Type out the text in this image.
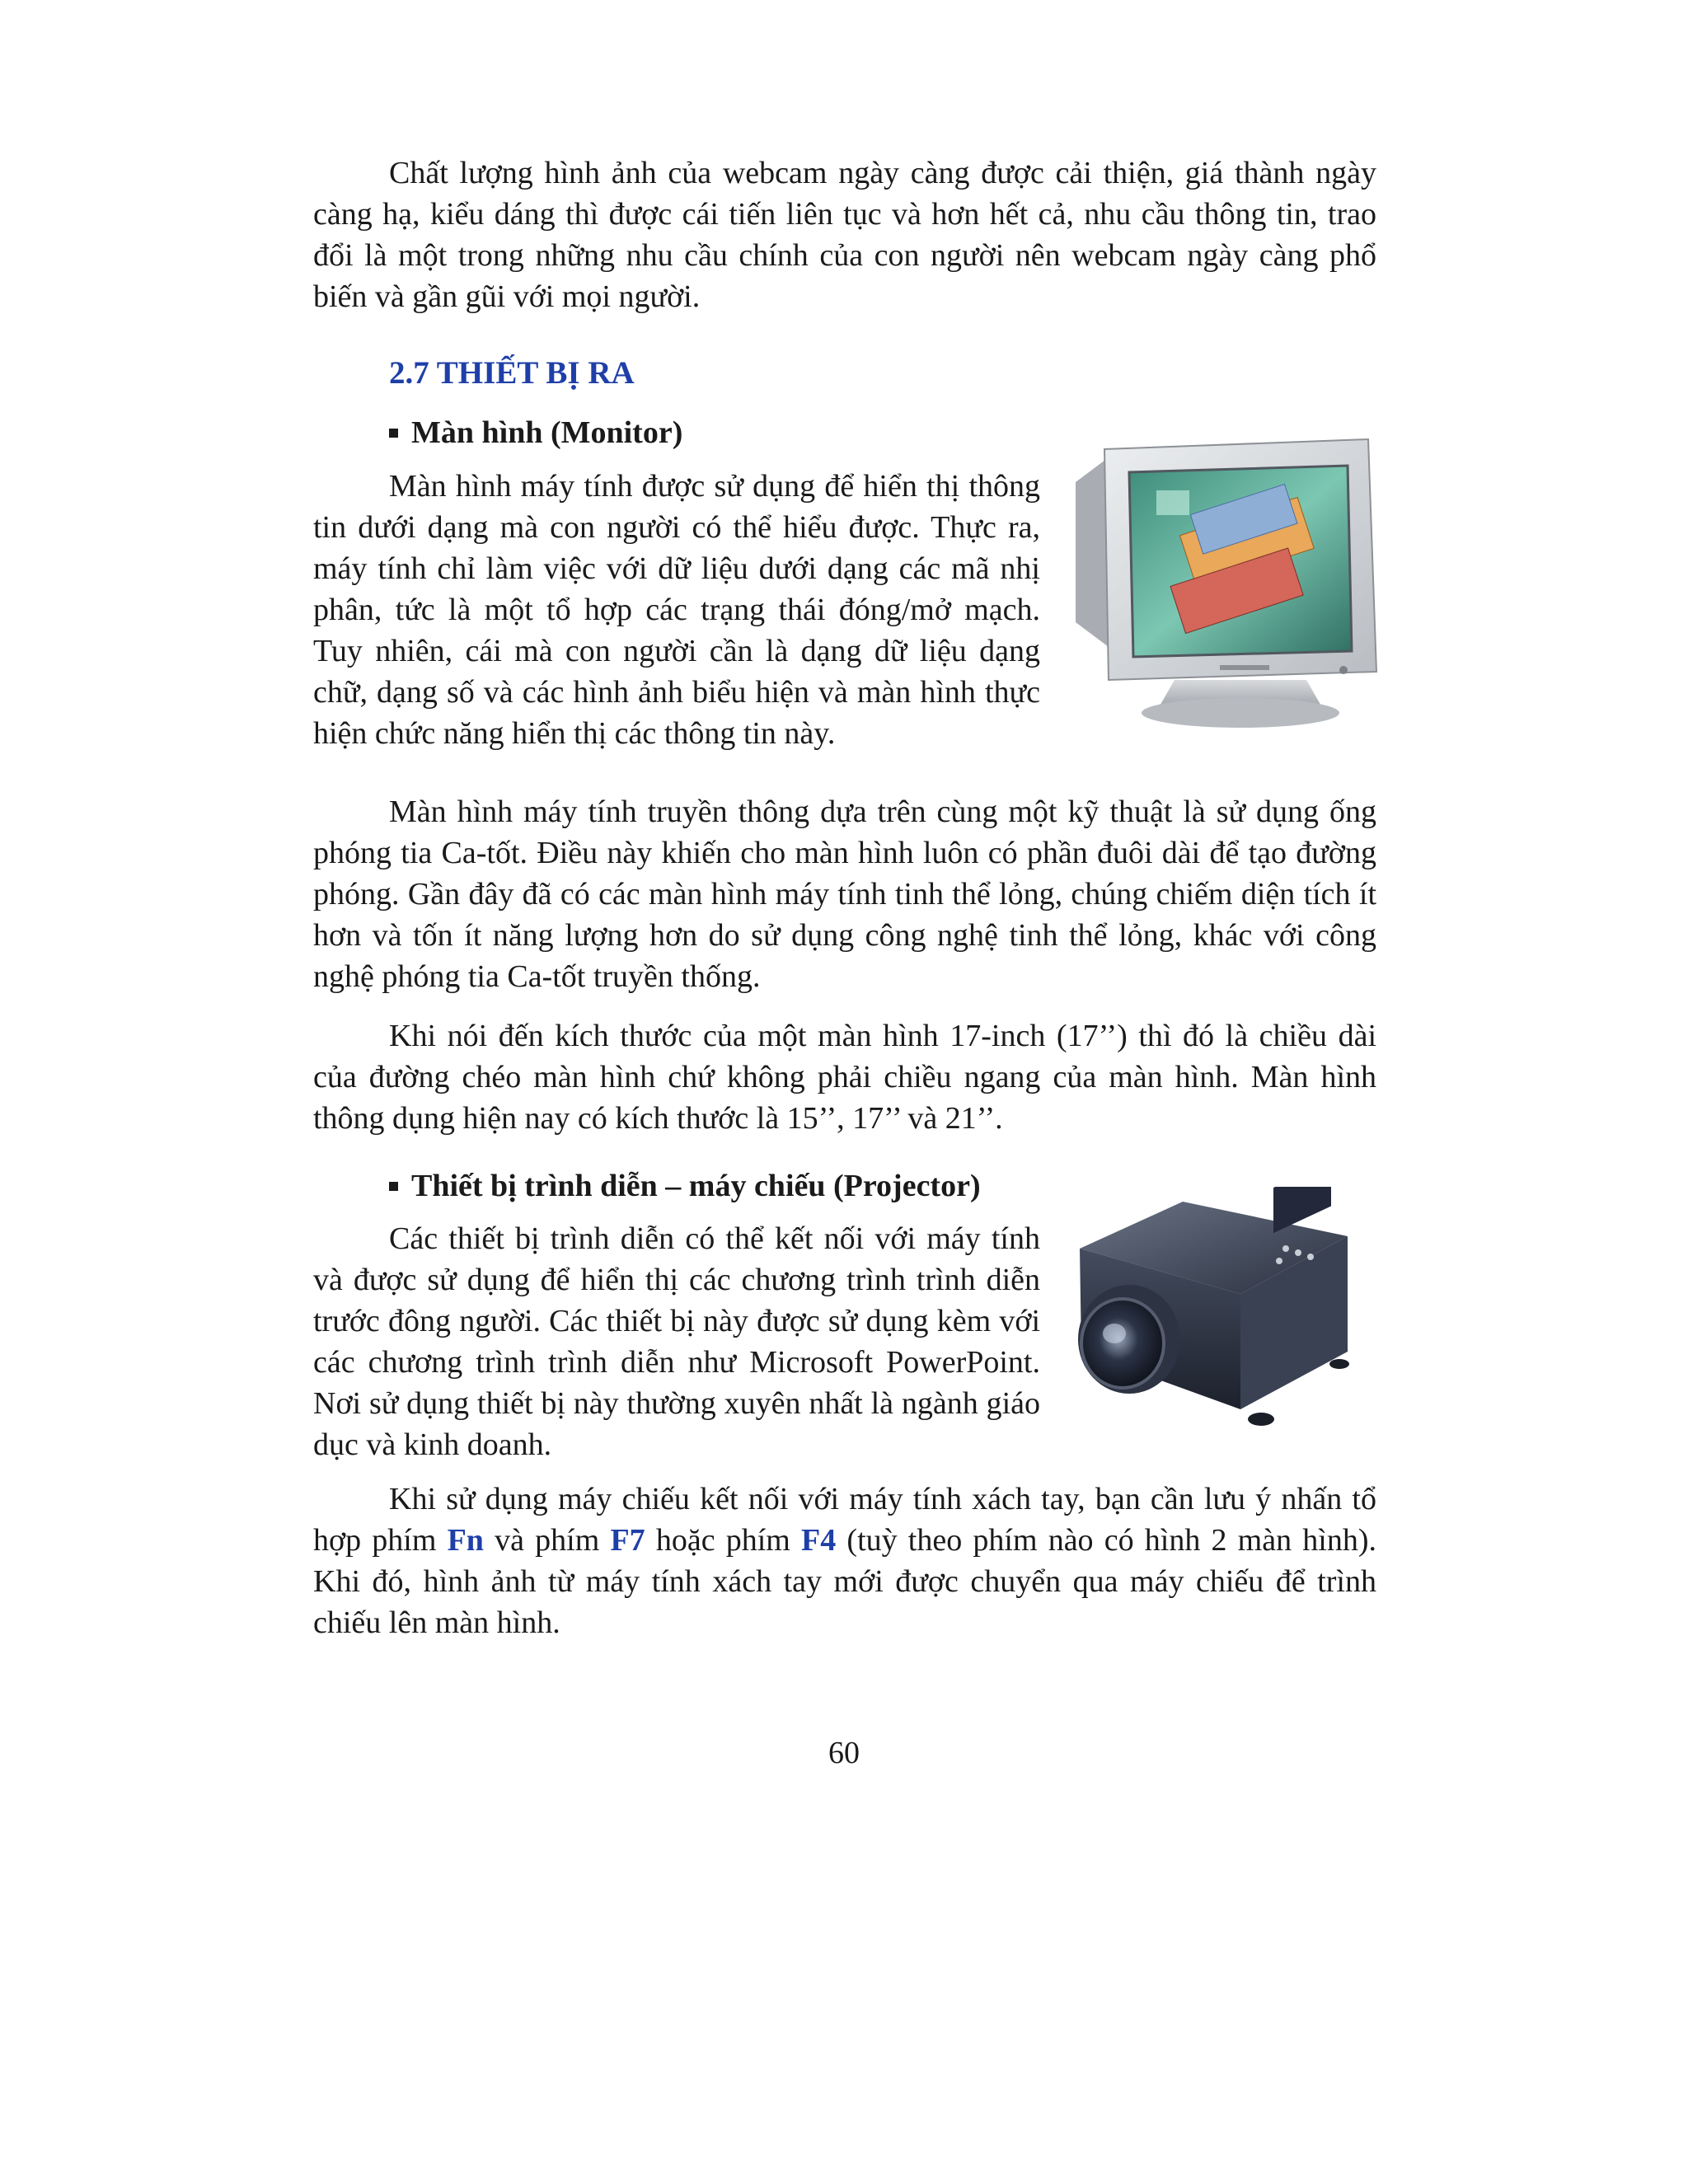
Chất lượng hình ảnh của webcam ngày càng được cải thiện, giá thành ngày càng hạ, kiểu dáng thì được cái tiến liên tục và hơn hết cả, nhu cầu thông tin, trao đổi là một trong những nhu cầu chính của con người nên webcam ngày càng phổ biến và gần gũi với mọi người.

2.7 THIẾT BỊ RA
Màn hình (Monitor)

Màn hình máy tính được sử dụng để hiển thị thông tin dưới dạng mà con người có thể hiểu được. Thực ra, máy tính chỉ làm việc với dữ liệu dưới dạng các mã nhị phân, tức là một tổ hợp các trạng thái đóng/mở mạch. Tuy nhiên, cái mà con người cần là dạng dữ liệu dạng chữ, dạng số và các hình ảnh biểu hiện và màn hình thực hiện chức năng hiển thị các thông tin này.

Màn hình máy tính truyền thông dựa trên cùng một kỹ thuật là sử dụng ống phóng tia Ca-tốt. Điều này khiến cho màn hình luôn có phần đuôi dài để tạo đường phóng. Gần đây đã có các màn hình máy tính tinh thể lỏng, chúng chiếm diện tích ít hơn và tốn ít năng lượng hơn do sử dụng công nghệ tinh thể lỏng, khác với công nghệ phóng tia Ca-tốt truyền thống.

Khi nói đến kích thước của một màn hình 17-inch (17’’) thì đó là chiều dài của đường chéo màn hình chứ không phải chiều ngang của màn hình. Màn hình thông dụng hiện nay có kích thước là 15’’, 17’’ và 21’’.

Thiết bị trình diễn – máy chiếu (Projector)

Các thiết bị trình diễn có thể kết nối với máy tính và được sử dụng để hiển thị các chương trình trình diễn trước đông người. Các thiết bị này được sử dụng kèm với các chương trình trình diễn như Microsoft PowerPoint. Nơi sử dụng thiết bị này thường xuyên nhất là ngành giáo dục và kinh doanh.

Khi sử dụng máy chiếu kết nối với máy tính xách tay, bạn cần lưu ý nhấn tổ hợp phím Fn và phím F7 hoặc phím F4 (tuỳ theo phím nào có hình 2 màn hình). Khi đó, hình ảnh từ máy tính xách tay mới được chuyển qua máy chiếu để trình chiếu lên màn hình.

60
